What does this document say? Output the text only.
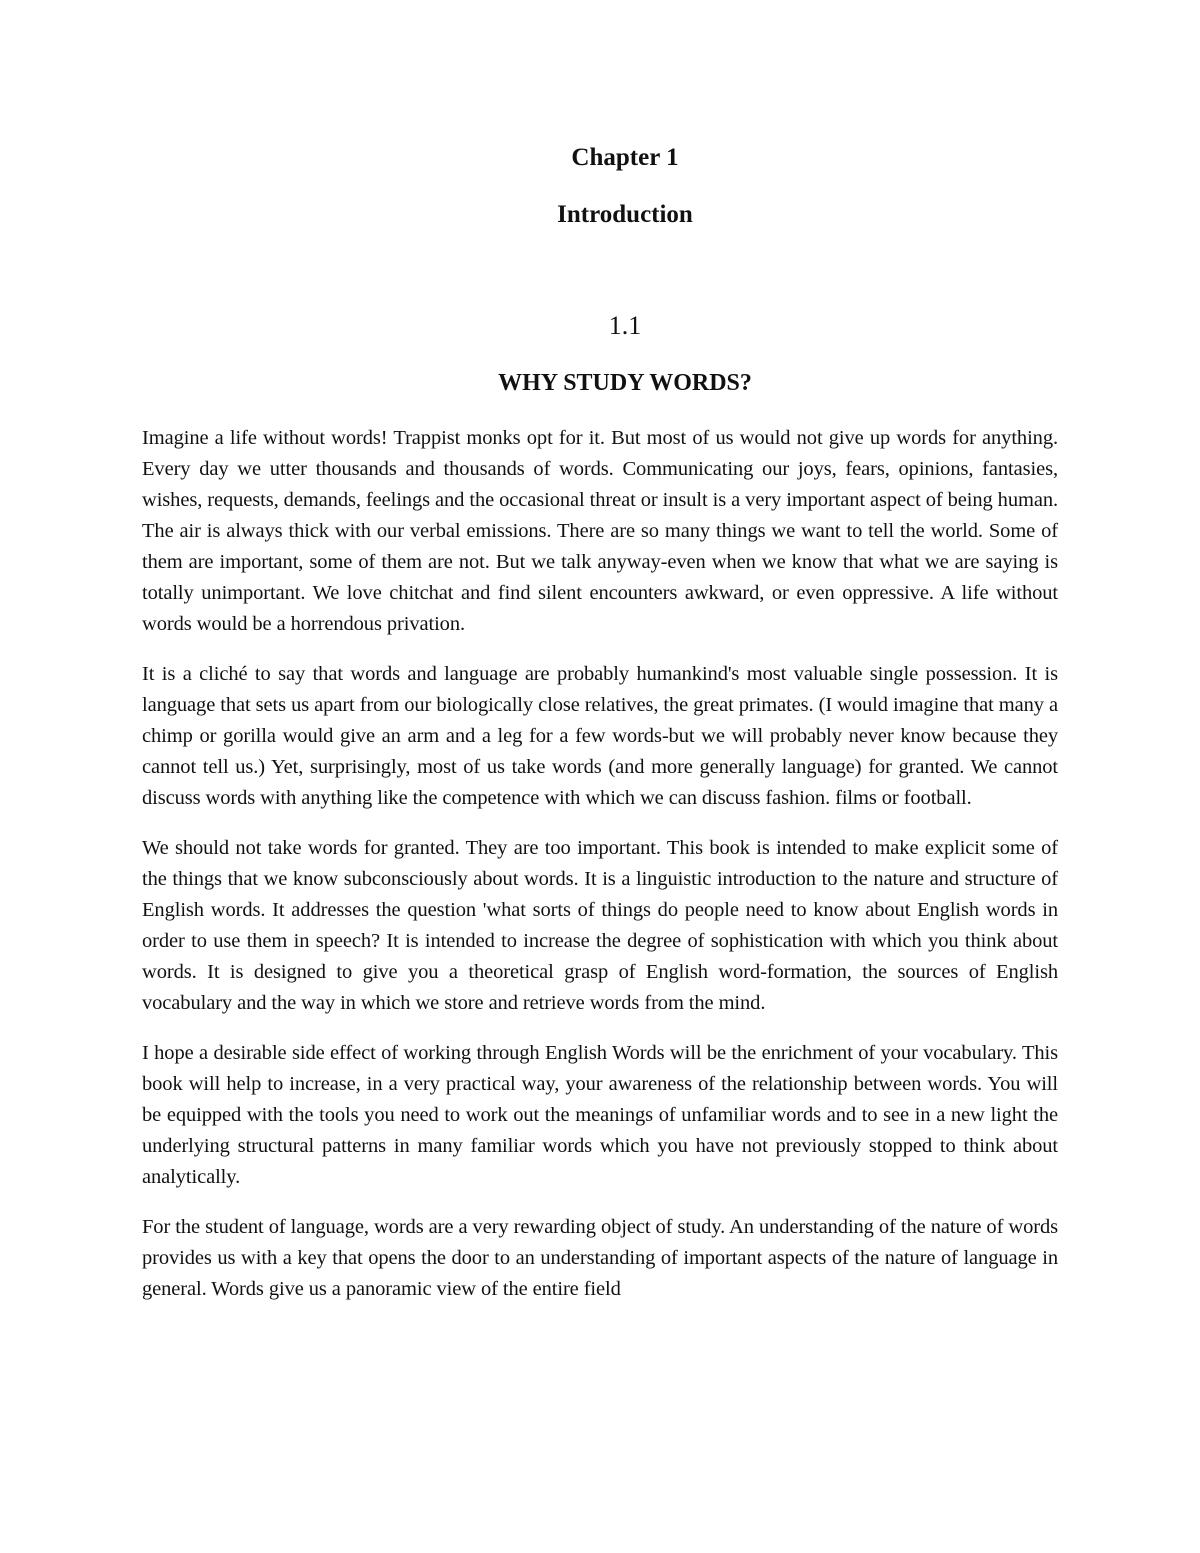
Chapter 1
Introduction
1.1
WHY STUDY WORDS?

Imagine a life without words! Trappist monks opt for it. But most of us would not give up words for anything. Every day we utter thousands and thousands of words. Communicating our joys, fears, opinions, fantasies, wishes, requests, demands, feelings and the occasional threat or insult is a very important aspect of being human. The air is always thick with our verbal emissions. There are so many things we want to tell the world. Some of them are important, some of them are not. But we talk anyway-even when we know that what we are saying is totally unimportant. We love chitchat and find silent encounters awkward, or even oppressive. A life without words would be a horrendous privation.

It is a cliché to say that words and language are probably humankind's most valuable single possession. It is language that sets us apart from our biologically close relatives, the great primates. (I would imagine that many a chimp or gorilla would give an arm and a leg for a few words-but we will probably never know because they cannot tell us.) Yet, surprisingly, most of us take words (and more generally language) for granted. We cannot discuss words with anything like the competence with which we can discuss fashion. films or football.

We should not take words for granted. They are too important. This book is intended to make explicit some of the things that we know subconsciously about words. It is a linguistic introduction to the nature and structure of English words. It addresses the question 'what sorts of things do people need to know about English words in order to use them in speech? It is intended to increase the degree of sophistication with which you think about words. It is designed to give you a theoretical grasp of English word-formation, the sources of English vocabulary and the way in which we store and retrieve words from the mind.

I hope a desirable side effect of working through English Words will be the enrichment of your vocabulary. This book will help to increase, in a very practical way, your awareness of the relationship between words. You will be equipped with the tools you need to work out the meanings of unfamiliar words and to see in a new light the underlying structural patterns in many familiar words which you have not previously stopped to think about analytically.

For the student of language, words are a very rewarding object of study. An understanding of the nature of words provides us with a key that opens the door to an understanding of important aspects of the nature of language in general. Words give us a panoramic view of the entire field
